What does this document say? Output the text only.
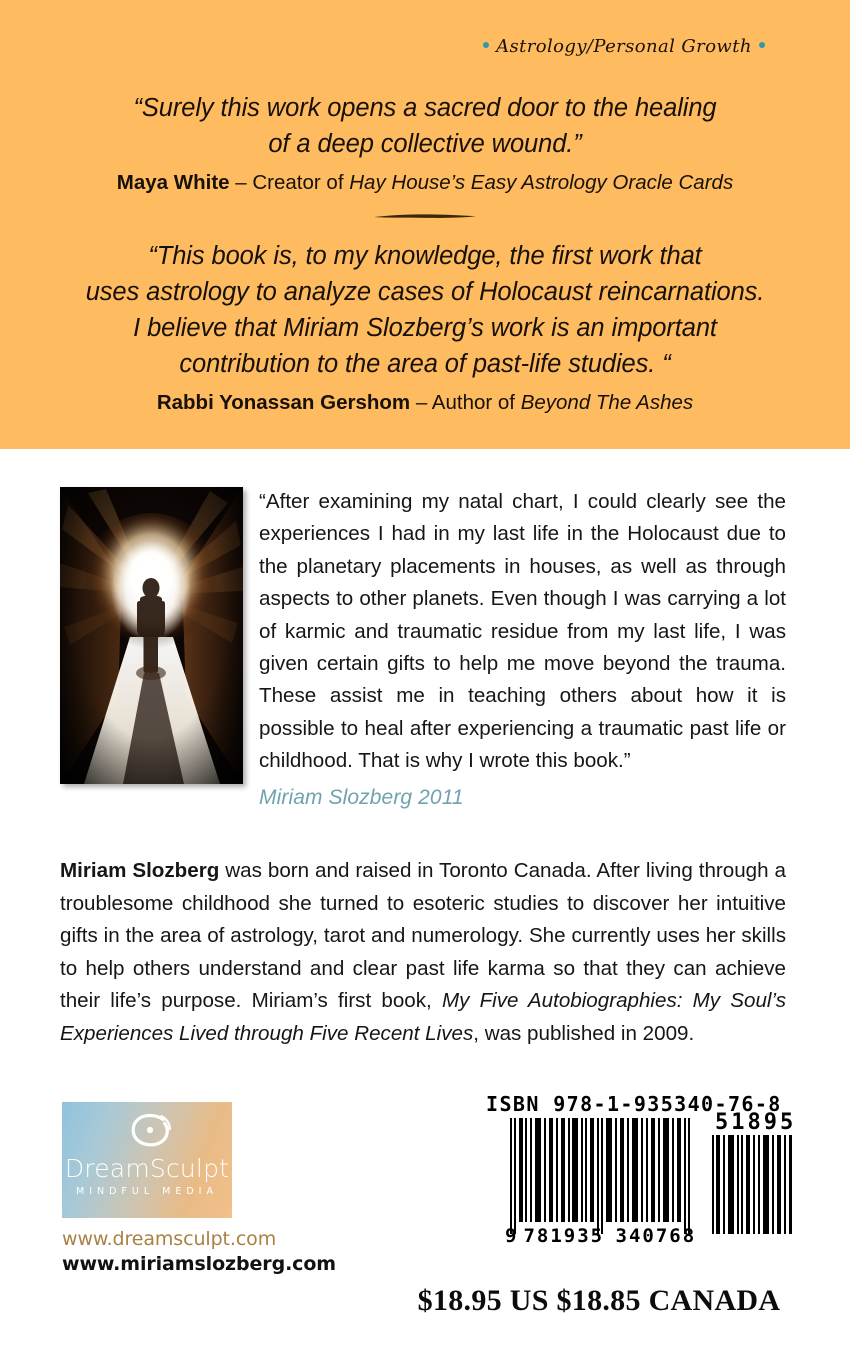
Astrology/Personal Growth
“Surely this work opens a sacred door to the healing
of a deep collective wound.”
Maya White – Creator of Hay House’s Easy Astrology Oracle Cards
“This book is, to my knowledge, the first work that
uses astrology to analyze cases of Holocaust reincarnations.
I believe that Miriam Slozberg’s work is an important
contribution to the area of past-life studies. “
Rabbi Yonassan Gershom – Author of Beyond The Ashes
“After examining my natal chart, I could clearly see the experiences I had in my last life in the Holocaust due to the planetary placements in houses, as well as through aspects to other planets. Even though I was carrying a lot of karmic and traumatic residue from my last life, I was given certain gifts to help me move beyond the trauma. These assist me in teaching others about how it is possible to heal after experiencing a traumatic past life or childhood. That is why I wrote this book.”
Miriam Slozberg 2011
Miriam Slozberg was born and raised in Toronto Canada. After living through a troublesome childhood she turned to esoteric studies to discover her intuitive gifts in the area of astrology, tarot and numerology. She currently uses her skills to help others understand and clear past life karma so that they can achieve their life’s purpose. Miriam’s first book, My Five Autobiographies: My Soul’s Experiences Lived through Five Recent Lives, was published in 2009.
DreamSculpt
MINDFUL MEDIA
www.dreamsculpt.com
www.miriamslozberg.com
ISBN 978-1-935340-76-8
51895
9 781935 340768
$18.95 US $18.85 CANADA
